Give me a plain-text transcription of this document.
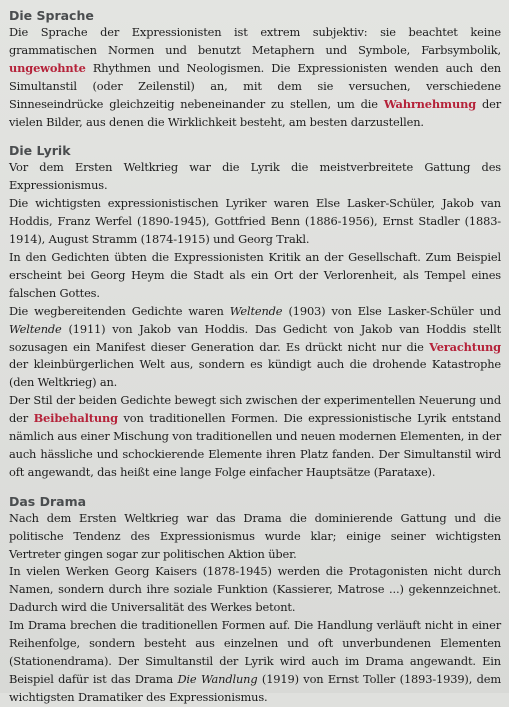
Die Sprache

Die Sprache der Expressionisten ist extrem subjektiv: sie beachtet keine grammatischen Normen und benutzt Metaphern und Symbole, Farbsymbolik, ungewohnte Rhythmen und Neologismen. Die Expressionisten wenden auch den Simultanstil (oder Zeilenstil) an, mit dem sie versuchen, verschiedene Sinneseindrücke gleichzeitig nebeneinander zu stellen, um die Wahrnehmung der vielen Bilder, aus denen die Wirklichkeit besteht, am besten darzustellen.

Die Lyrik

Vor dem Ersten Weltkrieg war die Lyrik die meistverbreitete Gattung des Expressionismus.

Die wichtigsten expressionistischen Lyriker waren Else Lasker-Schüler, Jakob van Hoddis, Franz Werfel (1890-1945), Gottfried Benn (1886-1956), Ernst Stadler (1883-1914), August Stramm (1874-1915) und Georg Trakl.

In den Gedichten übten die Expressionisten Kritik an der Gesellschaft. Zum Beispiel erscheint bei Georg Heym die Stadt als ein Ort der Verlorenheit, als Tempel eines falschen Gottes.

Die wegbereitenden Gedichte waren Weltende (1903) von Else Lasker-Schüler und Weltende (1911) von Jakob van Hoddis. Das Gedicht von Jakob van Hoddis stellt sozusagen ein Manifest dieser Generation dar. Es drückt nicht nur die Verachtung der kleinbürgerlichen Welt aus, sondern es kündigt auch die drohende Katastrophe (den Weltkrieg) an.

Der Stil der beiden Gedichte bewegt sich zwischen der experimentellen Neuerung und der Beibehaltung von traditionellen Formen. Die expressionistische Lyrik entstand nämlich aus einer Mischung von traditionellen und neuen modernen Elementen, in der auch hässliche und schockierende Elemente ihren Platz fanden. Der Simultanstil wird oft angewandt, das heißt eine lange Folge einfacher Hauptsätze (Parataxe).

Das Drama

Nach dem Ersten Weltkrieg war das Drama die dominierende Gattung und die politische Tendenz des Expressionismus wurde klar; einige seiner wichtigsten Vertreter gingen sogar zur politischen Aktion über.

In vielen Werken Georg Kaisers (1878-1945) werden die Protagonisten nicht durch Namen, sondern durch ihre soziale Funktion (Kassierer, Matrose ...) gekennzeichnet. Dadurch wird die Universalität des Werkes betont.

Im Drama brechen die traditionellen Formen auf. Die Handlung verläuft nicht in einer Reihenfolge, sondern besteht aus einzelnen und oft unverbundenen Elementen (Stationendrama). Der Simultanstil der Lyrik wird auch im Drama angewandt. Ein Beispiel dafür ist das Drama Die Wandlung (1919) von Ernst Toller (1893-1939), dem wichtigsten Dramatiker des Expressionismus.
